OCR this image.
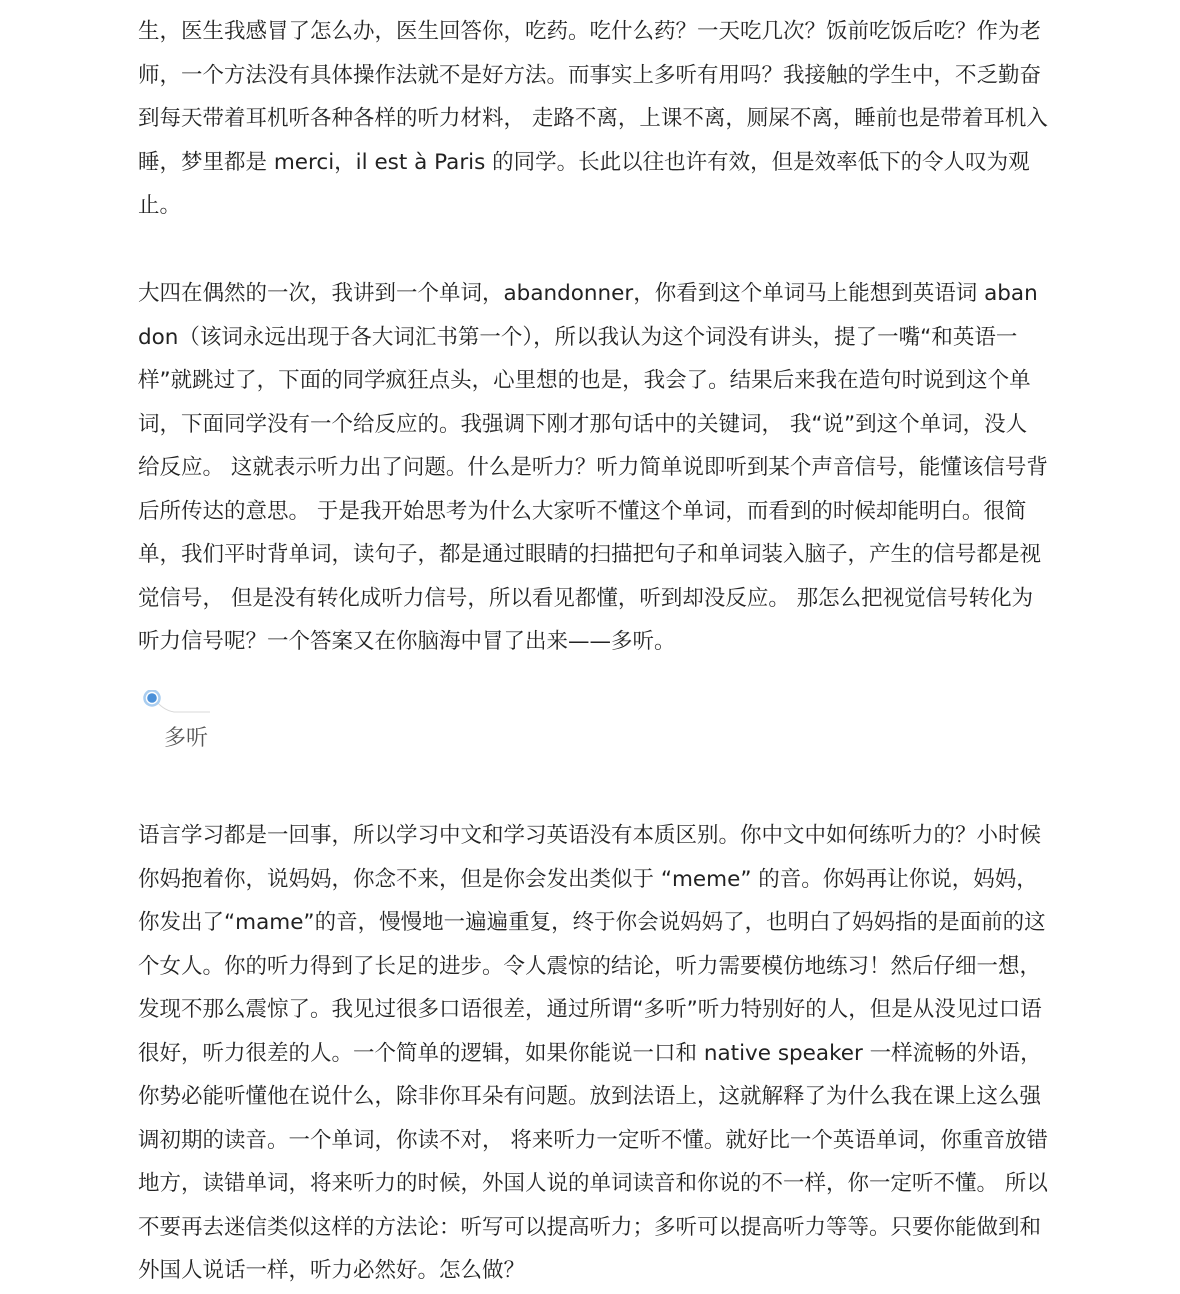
生，医生我感冒了怎么办，医生回答你，吃药。吃什么药？一天吃几次？饭前吃饭后吃？作为老师，一个方法没有具体操作法就不是好方法。而事实上多听有用吗？我接触的学生中，不乏勤奋到每天带着耳机听各种各样的听力材料， 走路不离，上课不离，厕屎不离，睡前也是带着耳机入睡，梦里都是 merci，il est à Paris 的同学。长此以往也许有效，但是效率低下的令人叹为观止。

大四在偶然的一次，我讲到一个单词，abandonner，你看到这个单词马上能想到英语词 abandon（该词永远出现于各大词汇书第一个），所以我认为这个词没有讲头，提了一嘴“和英语一样”就跳过了，下面的同学疯狂点头，心里想的也是，我会了。结果后来我在造句时说到这个单词，下面同学没有一个给反应的。我强调下刚才那句话中的关键词， 我“说”到这个单词，没人给反应。 这就表示听力出了问题。什么是听力？听力简单说即听到某个声音信号，能懂该信号背后所传达的意思。 于是我开始思考为什么大家听不懂这个单词，而看到的时候却能明白。很简单，我们平时背单词，读句子，都是通过眼睛的扫描把句子和单词装入脑子，产生的信号都是视觉信号， 但是没有转化成听力信号，所以看见都懂，听到却没反应。 那怎么把视觉信号转化为听力信号呢？一个答案又在你脑海中冒了出来——多听。

多听

语言学习都是一回事，所以学习中文和学习英语没有本质区别。你中文中如何练听力的？小时候你妈抱着你，说妈妈，你念不来，但是你会发出类似于 “meme” 的音。你妈再让你说，妈妈，你发出了“mame”的音，慢慢地一遍遍重复，终于你会说妈妈了，也明白了妈妈指的是面前的这个女人。你的听力得到了长足的进步。令人震惊的结论，听力需要模仿地练习！然后仔细一想，发现不那么震惊了。我见过很多口语很差，通过所谓“多听”听力特别好的人，但是从没见过口语很好，听力很差的人。一个简单的逻辑，如果你能说一口和 native speaker 一样流畅的外语，你势必能听懂他在说什么，除非你耳朵有问题。放到法语上，这就解释了为什么我在课上这么强调初期的读音。一个单词，你读不对， 将来听力一定听不懂。就好比一个英语单词，你重音放错地方，读错单词，将来听力的时候，外国人说的单词读音和你说的不一样，你一定听不懂。 所以不要再去迷信类似这样的方法论：听写可以提高听力；多听可以提高听力等等。只要你能做到和外国人说话一样，听力必然好。怎么做？
